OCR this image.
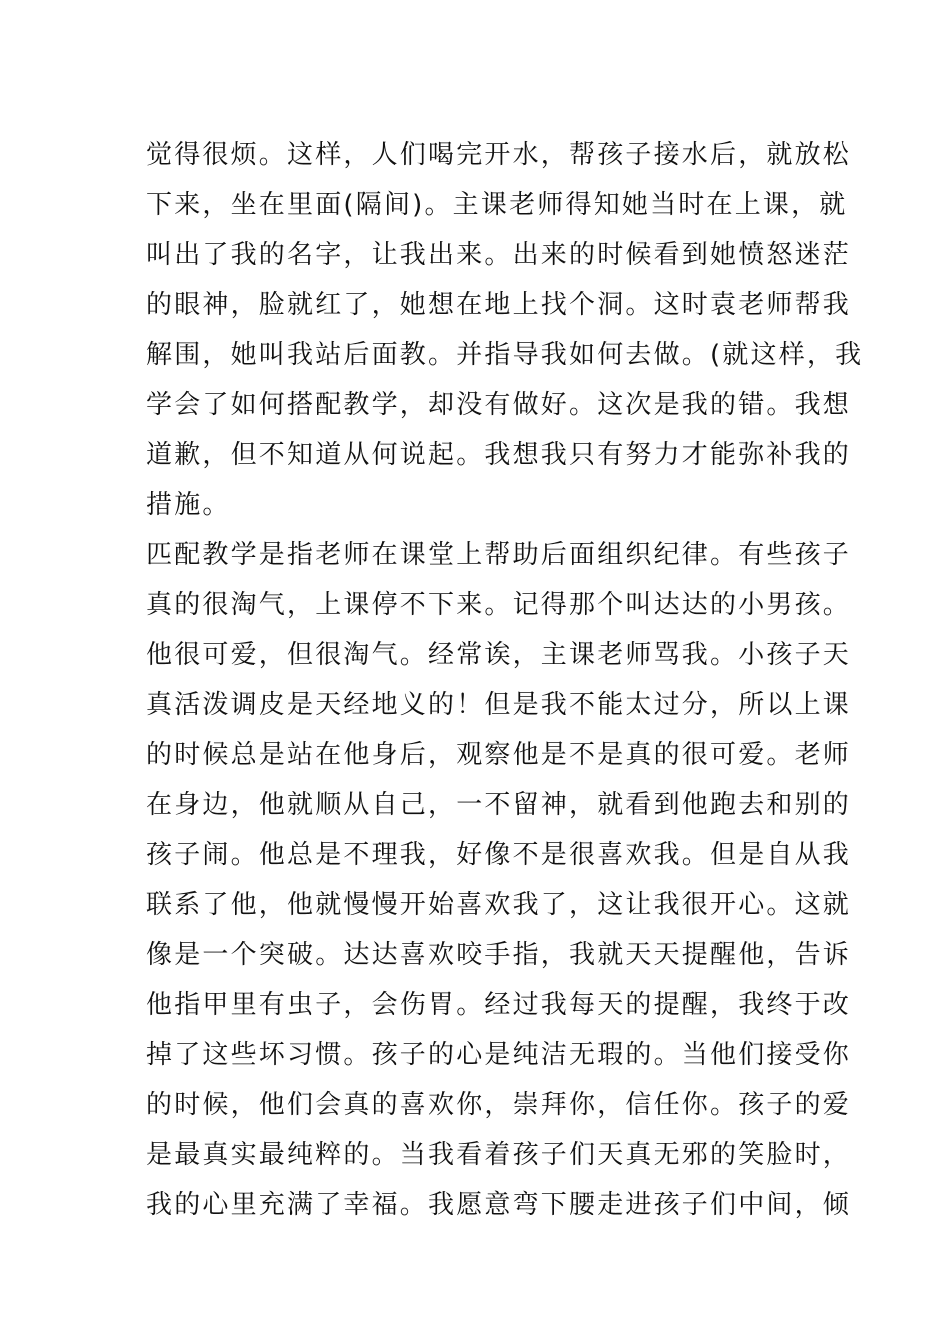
觉得很烦。这样，人们喝完开水，帮孩子接水后，就放松
下来，坐在里面(隔间)。主课老师得知她当时在上课，就
叫出了我的名字，让我出来。出来的时候看到她愤怒迷茫
的眼神，脸就红了，她想在地上找个洞。这时袁老师帮我
解围，她叫我站后面教。并指导我如何去做。(就这样，我
学会了如何搭配教学，却没有做好。这次是我的错。我想
道歉，但不知道从何说起。我想我只有努力才能弥补我的
措施。
匹配教学是指老师在课堂上帮助后面组织纪律。有些孩子
真的很淘气，上课停不下来。记得那个叫达达的小男孩。
他很可爱，但很淘气。经常诶，主课老师骂我。小孩子天
真活泼调皮是天经地义的！但是我不能太过分，所以上课
的时候总是站在他身后，观察他是不是真的很可爱。老师
在身边，他就顺从自己，一不留神，就看到他跑去和别的
孩子闹。他总是不理我，好像不是很喜欢我。但是自从我
联系了他，他就慢慢开始喜欢我了，这让我很开心。这就
像是一个突破。达达喜欢咬手指，我就天天提醒他，告诉
他指甲里有虫子，会伤胃。经过我每天的提醒，我终于改
掉了这些坏习惯。孩子的心是纯洁无瑕的。当他们接受你
的时候，他们会真的喜欢你，崇拜你，信任你。孩子的爱
是最真实最纯粹的。当我看着孩子们天真无邪的笑脸时，
我的心里充满了幸福。我愿意弯下腰走进孩子们中间，倾
